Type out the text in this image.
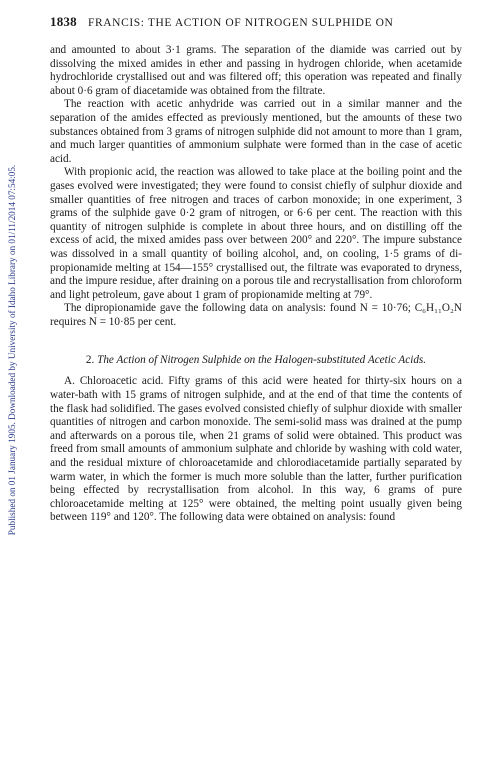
Published on 01 January 1905. Downloaded by University of Idaho Library on 01/11/2014 07:54:05.
1838 FRANCIS: THE ACTION OF NITROGEN SULPHIDE ON

and amounted to about 3·1 grams. The separation of the diamide was carried out by dissolving the mixed amides in ether and passing in hydrogen chloride, when acetamide hydrochloride crystallised out and was filtered off; this operation was repeated and finally about 0·6 gram of diacetamide was obtained from the filtrate.

The reaction with acetic anhydride was carried out in a similar manner and the separation of the amides effected as previously mentioned, but the amounts of these two substances obtained from 3 grams of nitrogen sulphide did not amount to more than 1 gram, and much larger quantities of ammonium sulphate were formed than in the case of acetic acid.

With propionic acid, the reaction was allowed to take place at the boiling point and the gases evolved were investigated; they were found to consist chiefly of sulphur dioxide and smaller quantities of free nitrogen and traces of carbon monoxide; in one experiment, 3 grams of the sulphide gave 0·2 gram of nitrogen, or 6·6 per cent. The reaction with this quantity of nitrogen sulphide is complete in about three hours, and on distilling off the excess of acid, the mixed amides pass over between 200° and 220°. The impure substance was dissolved in a small quantity of boiling alcohol, and, on cooling, 1·5 grams of di-propionamide melting at 154—155° crystallised out, the filtrate was evaporated to dryness, and the impure residue, after draining on a porous tile and recrystallisation from chloroform and light petroleum, gave about 1 gram of propionamide melting at 79°.

The dipropionamide gave the following data on analysis: found N = 10·76; C₆H₁₁O₂N requires N = 10·85 per cent.

2. The Action of Nitrogen Sulphide on the Halogen-substituted Acetic Acids.

A. Chloroacetic acid. Fifty grams of this acid were heated for thirty-six hours on a water-bath with 15 grams of nitrogen sulphide, and at the end of that time the contents of the flask had solidified. The gases evolved consisted chiefly of sulphur dioxide with smaller quantities of nitrogen and carbon monoxide. The semi-solid mass was drained at the pump and afterwards on a porous tile, when 21 grams of solid were obtained. This product was freed from small amounts of ammonium sulphate and chloride by washing with cold water, and the residual mixture of chloroacetamide and chlorodiacetamide partially separated by warm water, in which the former is much more soluble than the latter, further purification being effected by recrystallisation from alcohol. In this way, 6 grams of pure chloroacetamide melting at 125° were obtained, the melting point usually given being between 119° and 120°. The following data were obtained on analysis: found
